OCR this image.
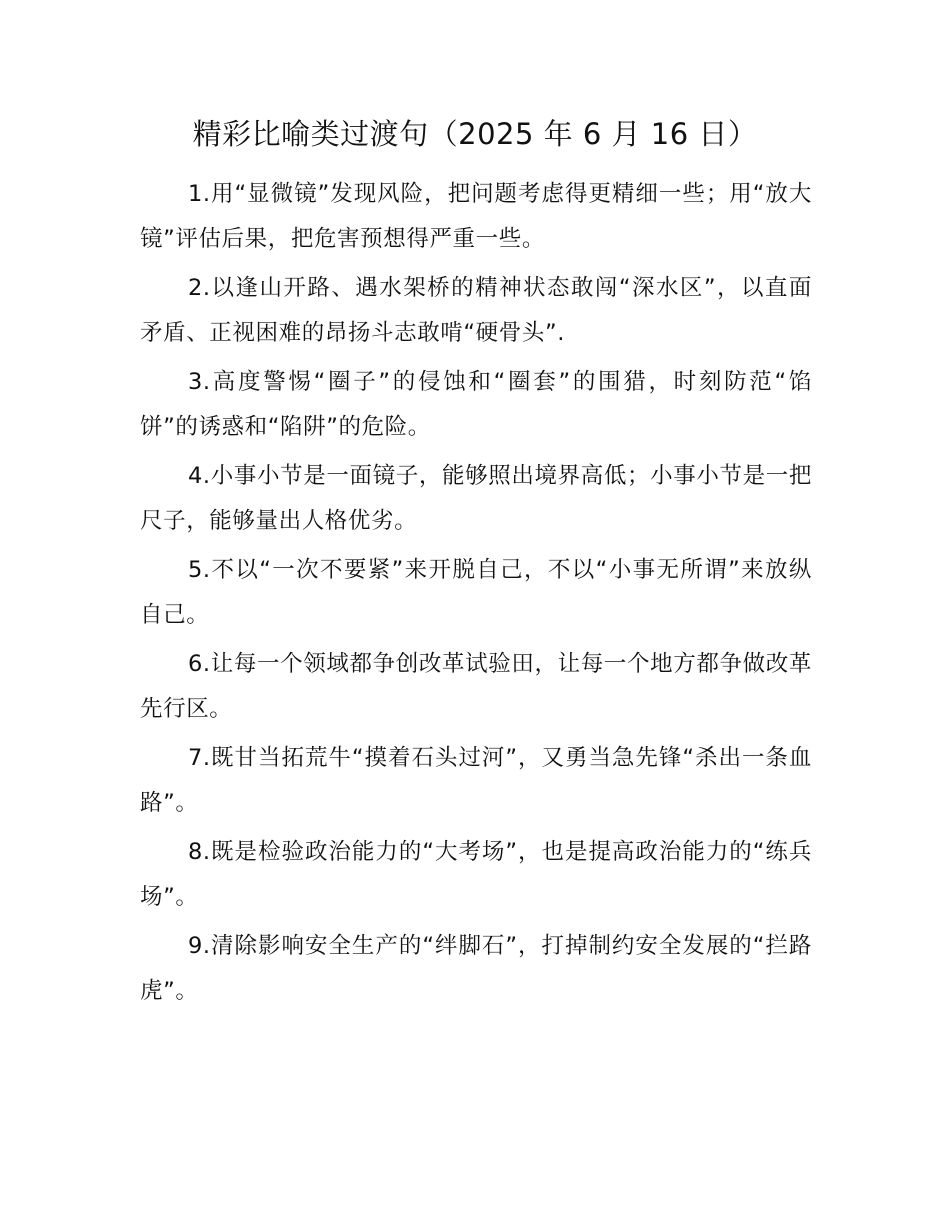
精彩比喻类过渡句（2025 年 6 月 16 日）

1.用“显微镜”发现风险，把问题考虑得更精细一些；用“放大镜”评估后果，把危害预想得严重一些。

2.以逢山开路、遇水架桥的精神状态敢闯“深水区”，以直面矛盾、正视困难的昂扬斗志敢啃“硬骨头”.

3.高度警惕“圈子”的侵蚀和“圈套”的围猎，时刻防范“馅饼”的诱惑和“陷阱”的危险。

4.小事小节是一面镜子，能够照出境界高低；小事小节是一把尺子，能够量出人格优劣。

5.不以“一次不要紧”来开脱自己，不以“小事无所谓”来放纵自己。

6.让每一个领域都争创改革试验田，让每一个地方都争做改革先行区。

7.既甘当拓荒牛“摸着石头过河”，又勇当急先锋“杀出一条血路”。

8.既是检验政治能力的“大考场”，也是提高政治能力的“练兵场”。

9.清除影响安全生产的“绊脚石”，打掉制约安全发展的“拦路虎”。
